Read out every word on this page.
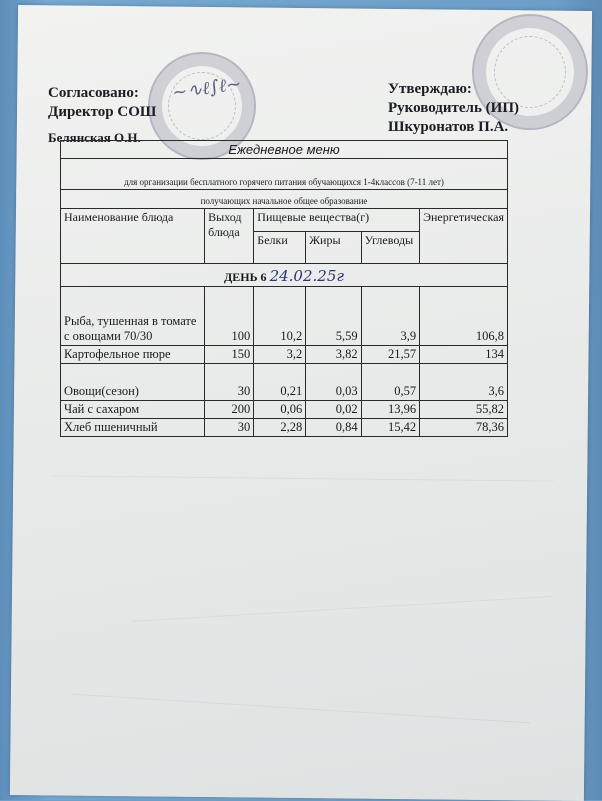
Согласовано:
Директор СОШ
Белянская О.Н.
~∿ℓ∫ℓ~	Утверждаю:
Руководитель (ИП)
Шкуронатов П.А.
Ежедневное меню					
для организации бесплатного горячего питания обучающихся 1-4классов (7-11 лет)					
получающих начальное общее образование					
Наименование блюда	Выход блюда	Пищевые вещества(г)			Энергетическая
		Белки	Жиры	Углеводы	
ДЕНЬ 6 24.02.25г					
Рыба, тушенная в томате с овощами 70/30	100	10,2	5,59	3,9	106,8
Картофельное пюре	150	3,2	3,82	21,57	134
Овощи(сезон)	30	0,21	0,03	0,57	3,6
Чай с сахаром	200	0,06	0,02	13,96	55,82
Хлеб пшеничный	30	2,28	0,84	15,42	78,36
